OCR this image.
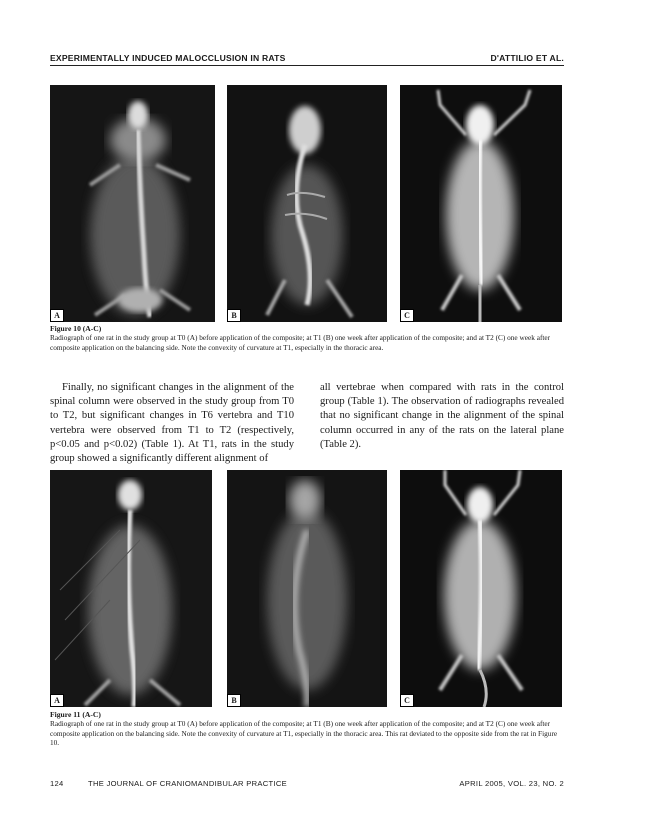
EXPERIMENTALLY INDUCED MALOCCLUSION IN RATS	D'ATTILIO ET AL.
A	B	C
Figure 10 (A-C)
Radiograph of one rat in the study group at T0 (A) before application of the composite; at T1 (B) one week after application of the composite; and at T2 (C) one week after composite application on the balancing side. Note the convexity of curvature at T1, especially in the thoracic area.

Finally, no significant changes in the alignment of the spinal column were observed in the study group from T0 to T2, but significant changes in T6 vertebra and T10 vertebra were observed from T1 to T2 (respectively, p<0.05 and p<0.02) (Table 1). At T1, rats in the study group showed a significantly different alignment of

all vertebrae when compared with rats in the control group (Table 1). The observation of radiographs revealed that no significant change in the alignment of the spinal column occurred in any of the rats on the lateral plane (Table 2).

A	B	C
Figure 11 (A-C)
Radiograph of one rat in the study group at T0 (A) before application of the composite; at T1 (B) one week after application of the composite; and at T2 (C) one week after composite application on the balancing side. Note the convexity of curvature at T1, especially in the thoracic area. This rat deviated to the opposite side from the rat in Figure 10.
124	THE JOURNAL OF CRANIOMANDIBULAR PRACTICE	APRIL 2005, VOL. 23, NO. 2
